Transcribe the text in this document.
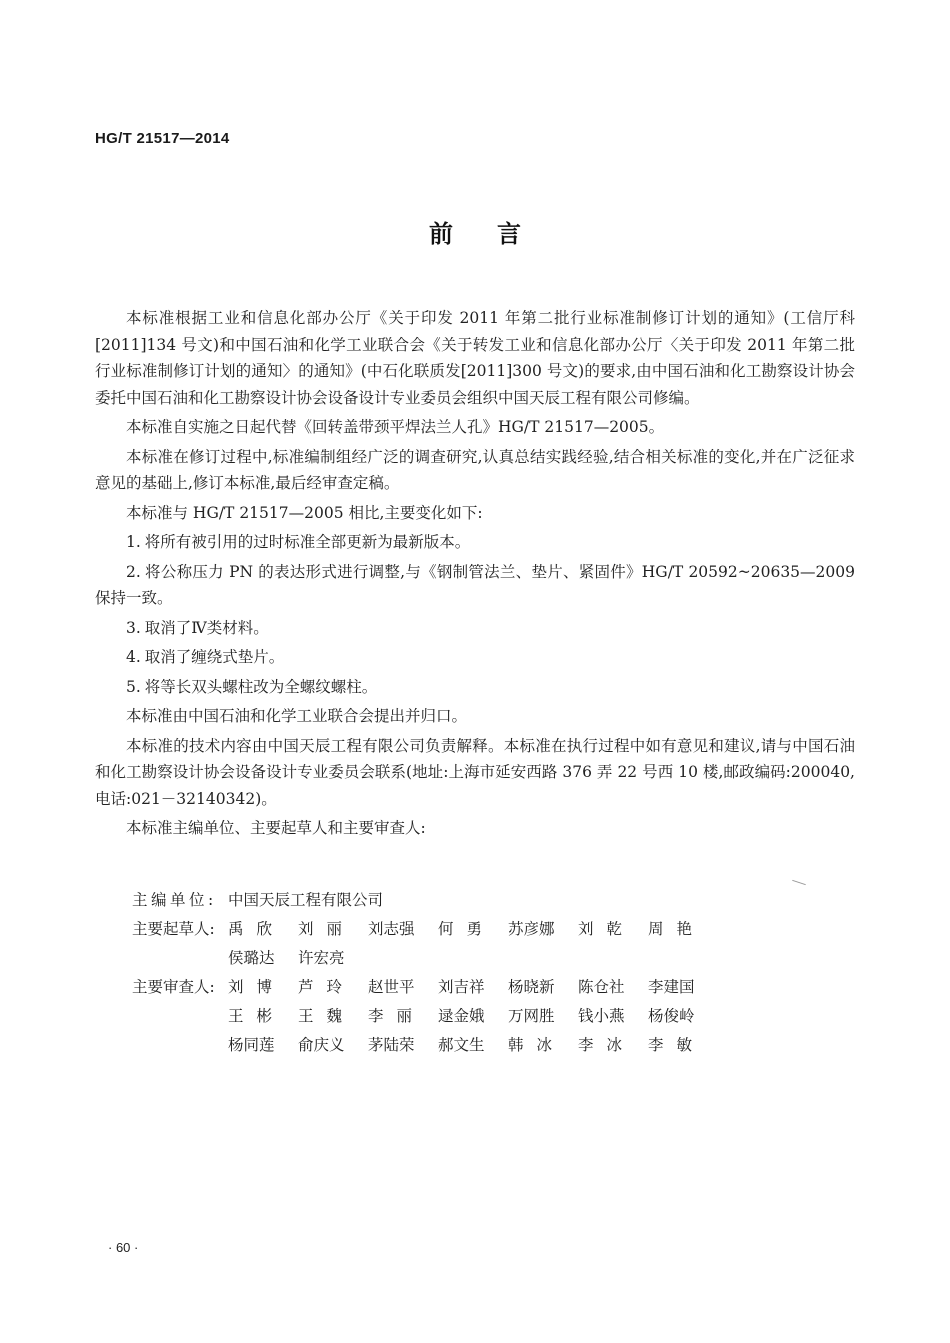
HG/T 21517—2014
前言

本标准根据工业和信息化部办公厅《关于印发 2011 年第二批行业标准制修订计划的通知》(工信厅科[2011]134 号文)和中国石油和化学工业联合会《关于转发工业和信息化部办公厅〈关于印发 2011 年第二批行业标准制修订计划的通知〉的通知》(中石化联质发[2011]300 号文)的要求,由中国石油和化工勘察设计协会委托中国石油和化工勘察设计协会设备设计专业委员会组织中国天辰工程有限公司修编。

本标准自实施之日起代替《回转盖带颈平焊法兰人孔》HG/T 21517—2005。

本标准在修订过程中,标准编制组经广泛的调查研究,认真总结实践经验,结合相关标准的变化,并在广泛征求意见的基础上,修订本标准,最后经审查定稿。

本标准与 HG/T 21517—2005 相比,主要变化如下:

1. 将所有被引用的过时标准全部更新为最新版本。

2. 将公称压力 PN 的表达形式进行调整,与《钢制管法兰、垫片、紧固件》HG/T 20592~20635—2009 保持一致。

3. 取消了Ⅳ类材料。

4. 取消了缠绕式垫片。

5. 将等长双头螺柱改为全螺纹螺柱。

本标准由中国石油和化学工业联合会提出并归口。

本标准的技术内容由中国天辰工程有限公司负责解释。本标准在执行过程中如有意见和建议,请与中国石油和化工勘察设计协会设备设计专业委员会联系(地址:上海市延安西路 376 弄 22 号西 10 楼,邮政编码:200040,电话:021－32140342)。

本标准主编单位、主要起草人和主要审查人:

主编单位: 中国天辰工程有限公司
主要起草人: 禹欣 刘丽 刘志强	何勇 苏彦娜	刘乾 周艳
侯璐达	许宏亮
主要审查人: 刘博 芦玲 赵世平	刘吉祥	杨晓新	陈仓社	李建国
王彬 王魏 李丽 逯金娥	万网胜	钱小燕	杨俊岭
杨同莲	俞庆义	茅陆荣	郝文生	韩冰 李冰 李敏
· 60 ·
